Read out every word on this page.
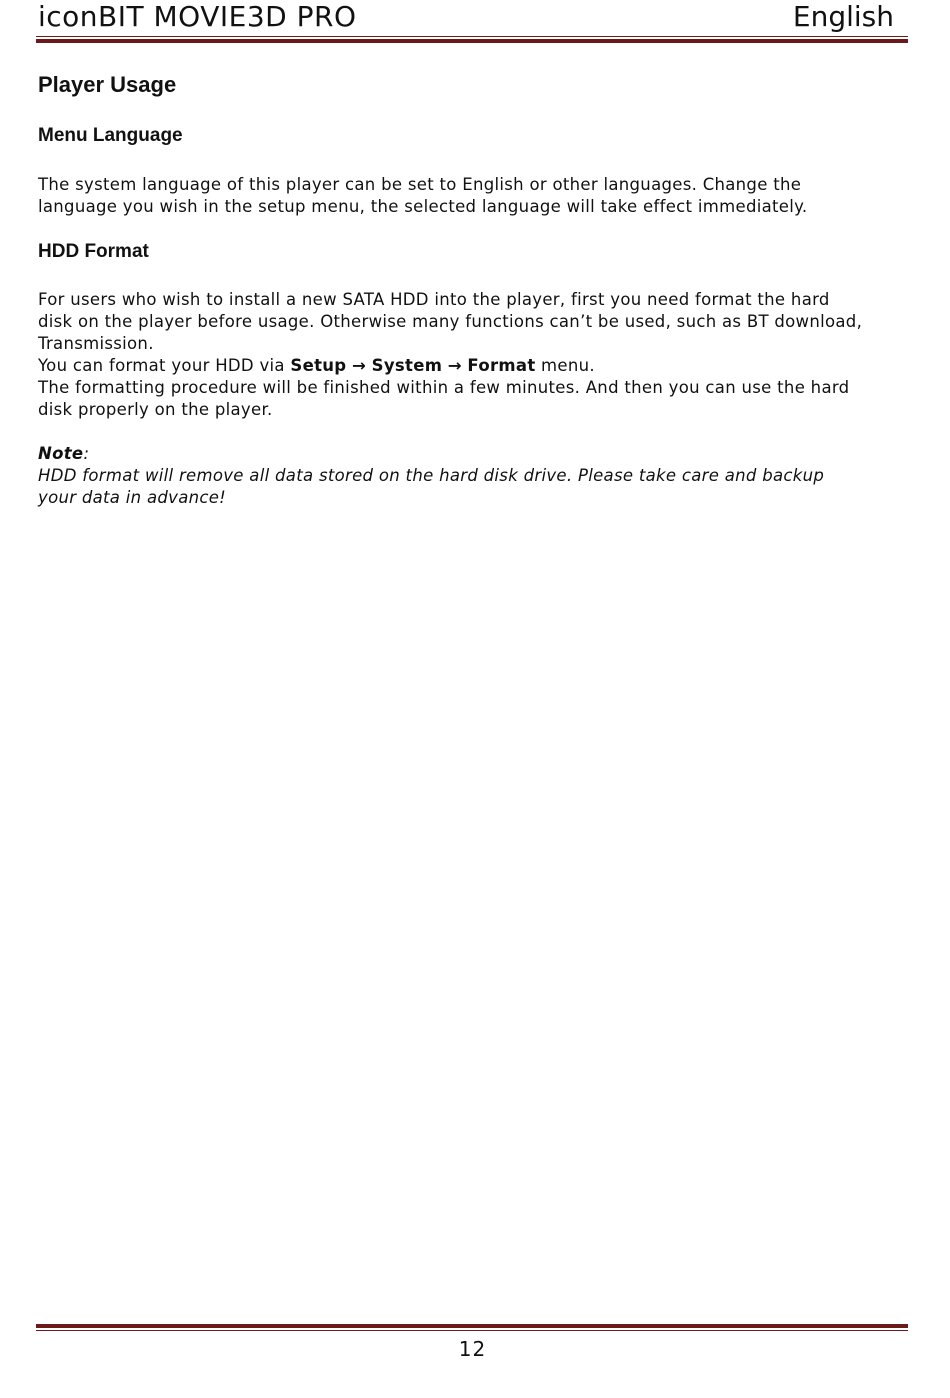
iconBIT MOVIE3D PRO	English
Player Usage
Menu Language

The system language of this player can be set to English or other languages. Change the

language you wish in the setup menu, the selected language will take effect immediately.

HDD Format

For users who wish to install a new SATA HDD into the player, first you need format the hard

disk on the player before usage. Otherwise many functions can’t be used, such as BT download,

Transmission.

You can format your HDD via Setup → System → Format menu.

The formatting procedure will be finished within a few minutes. And then you can use the hard

disk properly on the player.

Note:

HDD format will remove all data stored on the hard disk drive. Please take care and backup

your data in advance!

12
